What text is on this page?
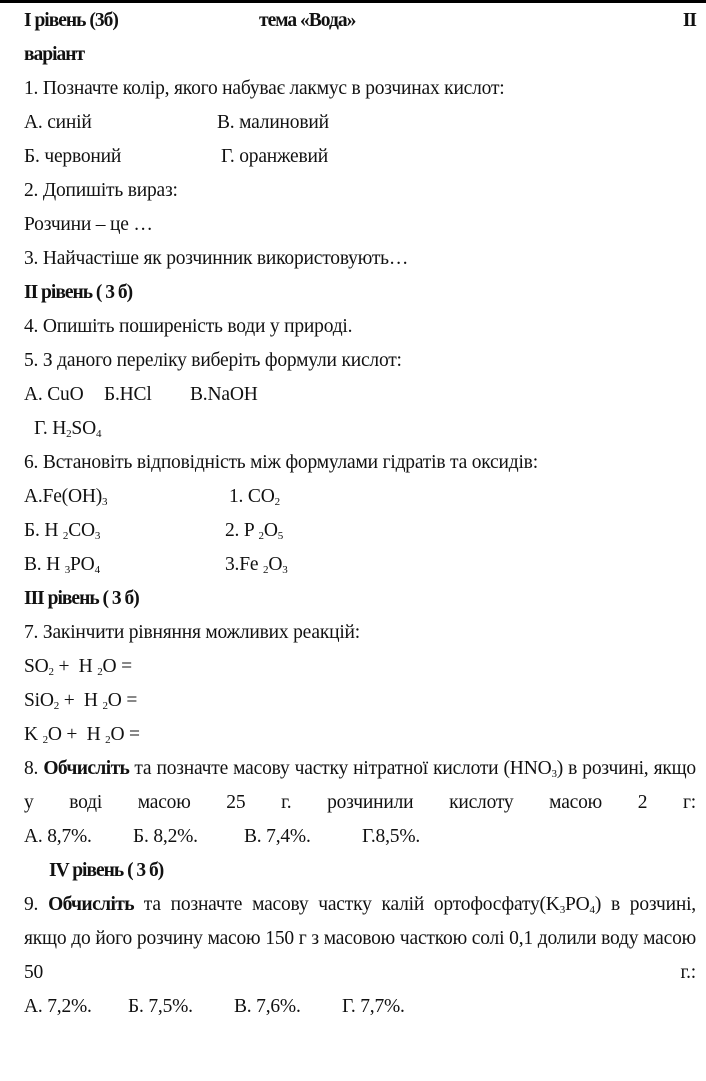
I рівень (3б)	тема «Вода»	II
варіант
1. Позначте колір, якого набуває лакмус в розчинах кислот:
А. синій	В. малиновий
Б. червоний	Г. оранжевий
2. Допишіть вираз:
Розчини – це …
3. Найчастіше як розчинник використовують…
II рівень ( 3 б)
4. Опишіть поширеність води у природі.
5. З даного переліку виберіть формули кислот:
А. CuO Б.HCl В.NaOH
Г. $H_2SO_4$
6. Встановіть відповідність між формулами гідратів та оксидів:
$А.Fe(OH)_3$	1. $CO_2$
Б. H $_2CO_3$	2. P $_2O_5$
В. H $_3PO_4$	3.Fe $_2O_3$
III рівень ( 3 б)
7. Закінчити рівняння можливих реакцій:
$SO_2 + H$ $_2$O =
SiO$_2$ +  H $_2$O =
K $_2$O +  H $_2$O =
8. Обчисліть та позначте масову частку нітратної кислоти $(HNO_3)$ в розчині, якщо у воді масою 25 г. розчинили кислоту масою 2 г:
А. 8,7%. Б. 8,2%. В. 7,4%.	Г.8,5%.
IV рівень ( 3 б)
9. Обчисліть та позначте масову частку калій $ортофосфату(K_3PO_4)$ в розчині, якщо до його розчину масою 150 г з масовою часткою солі 0,1 долили воду масою 50 г.:
А. 7,2%. Б. 7,5%. В. 7,6%. Г. 7,7%.
